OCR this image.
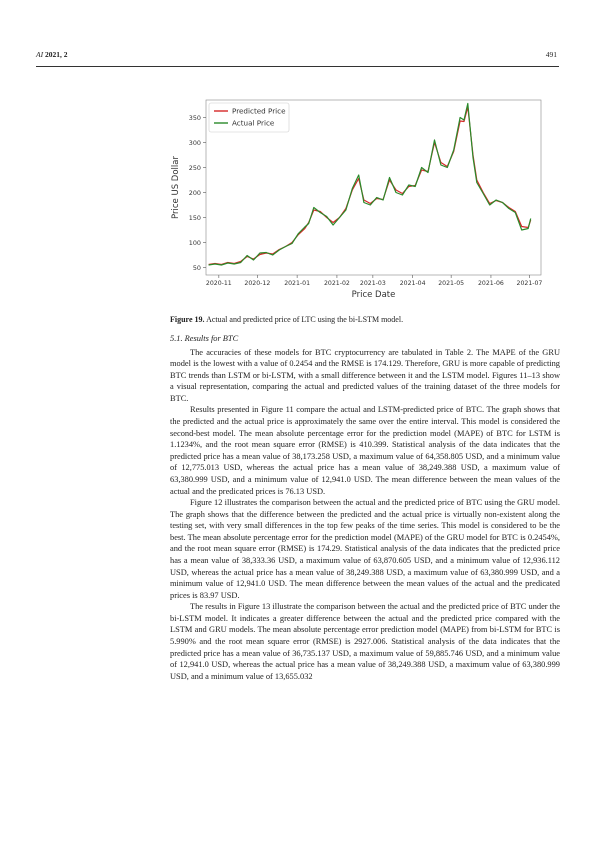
AI 2021, 2	491
50
100
150
200
250
300
350
2020-11 2020-12 2021-01 2021-02 2021-03 2021-04 2021-05 2021-06 2021-07
Price Date
Price US Dollar
Predicted Price
Actual Price
Figure 19. Actual and predicted price of LTC using the bi-LSTM model.

5.1. Results for BTC

The accuracies of these models for BTC cryptocurrency are tabulated in Table 2. The MAPE of the GRU model is the lowest with a value of 0.2454 and the RMSE is 174.129. Therefore, GRU is more capable of predicting BTC trends than LSTM or bi-LSTM, with a small difference between it and the LSTM model. Figures 11–13 show a visual representation, comparing the actual and predicted values of the training dataset of the three models for BTC.

Results presented in Figure 11 compare the actual and LSTM-predicted price of BTC. The graph shows that the predicted and the actual price is approximately the same over the entire interval. This model is considered the second-best model. The mean absolute percentage error for the prediction model (MAPE) of BTC for LSTM is 1.1234%, and the root mean square error (RMSE) is 410.399. Statistical analysis of the data indicates that the predicted price has a mean value of 38,173.258 USD, a maximum value of 64,358.805 USD, and a minimum value of 12,775.013 USD, whereas the actual price has a mean value of 38,249.388 USD, a maximum value of 63,380.999 USD, and a minimum value of 12,941.0 USD. The mean difference between the mean values of the actual and the predicated prices is 76.13 USD.

Figure 12 illustrates the comparison between the actual and the predicted price of BTC using the GRU model. The graph shows that the difference between the predicted and the actual price is virtually non-existent along the testing set, with very small differences in the top few peaks of the time series. This model is considered to be the best. The mean absolute percentage error for the prediction model (MAPE) of the GRU model for BTC is 0.2454%, and the root mean square error (RMSE) is 174.29. Statistical analysis of the data indicates that the predicted price has a mean value of 38,333.36 USD, a maximum value of 63,870.605 USD, and a minimum value of 12,936.112 USD, whereas the actual price has a mean value of 38,249.388 USD, a maximum value of 63,380.999 USD, and a minimum value of 12,941.0 USD. The mean difference between the mean values of the actual and the predicated prices is 83.97 USD.

The results in Figure 13 illustrate the comparison between the actual and the predicted price of BTC under the bi-LSTM model. It indicates a greater difference between the actual and the predicted price compared with the LSTM and GRU models. The mean absolute percentage error prediction model (MAPE) from bi-LSTM for BTC is 5.990% and the root mean square error (RMSE) is 2927.006. Statistical analysis of the data indicates that the predicted price has a mean value of 36,735.137 USD, a maximum value of 59,885.746 USD, and a minimum value of 12,941.0 USD, whereas the actual price has a mean value of 38,249.388 USD, a maximum value of 63,380.999 USD, and a minimum value of 13,655.032
